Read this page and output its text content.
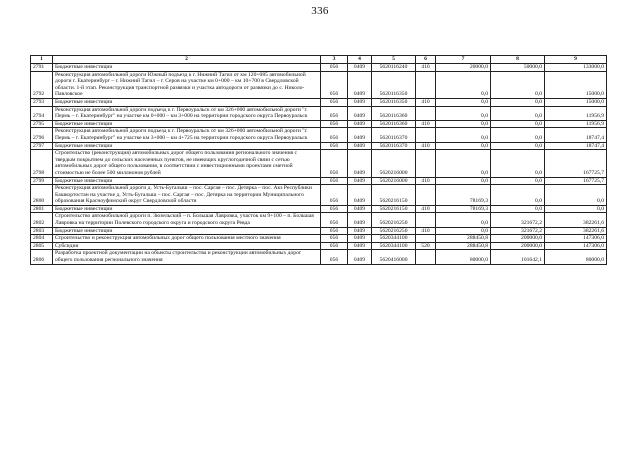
336
1	2	3	4	5	6	7	8	9
2791	Бюджетные инвестиции	056	0409	5620116240	410	20000,0	50000,0	133000,0
2792	Реконструкция автомобильной дороги Южный подъезд к г. Нижний Тагил от км 120+085 автомобильной дороги г. Екатеринбург – г. Нижний Тагил – г. Серов на участке км 0+000 – км 10+700 в Свердловской области. 1-й этап. Реконструкция транспортной развязки и участка автодороги от развязки до с. Николо-Павловское	056	0409	5620116350		0,0	0,0	15000,0
2793	Бюджетные инвестиции	056	0409	5620116350	410	0,0	0,0	15000,0
2794	Реконструкция автомобильной дороги подъезд к г. Первоуральск от км 326+000 автомобильной дороги "г. Пермь – г. Екатеринбург" на участке км 0+000 – км 3+000 на территории городского округа Первоуральск	056	0409	5620116360		0,0	0,0	11956,9
2795	Бюджетные инвестиции	056	0409	5620116360	410	0,0	0,0	11956,9
2796	Реконструкция автомобильной дороги подъезд к г. Первоуральск от км 326+000 автомобильной дороги "г. Пермь – г. Екатеринбург" на участке км 3+000 – км 4+725 на территории городского округа Первоуральск	056	0409	5620116370		0,0	0,0	18747,4
2797	Бюджетные инвестиции	056	0409	5620116370	410	0,0	0,0	18747,4
2798	Строительство (реконструкция) автомобильных дорог общего пользования регионального значения с твердым покрытием до сельских населенных пунктов, не имеющих круглогодичной связи с сетью автомобильных дорог общего пользования, в соответствии с инвестиционными проектами сметной стоимостью не более 500 миллионов рублей	056	0409	5620216000		0,0	0,0	167725,7
2799	Бюджетные инвестиции	056	0409	5620216000	410	0,0	0,0	167725,7
2800	Реконструкция автомобильной дороги д. Усть-Бугалыш – пос. Саргая – пос. Детяркa – пос. Акз Республики Башкортостан на участке д. Усть-Бугалыш – пос. Саргая – пос. Детяркa на территории Муниципального образования Красноуфимский округ Свердловской области	056	0409	5620216150		78169,3	0,0	0,0
2801	Бюджетные инвестиции	056	0409	5620216150	410	78169,3	0,0	0,0
2802	Строительство автомобильной дороги п. Зюзельский – п. Большая Лавровка, участок км 9+100 – п. Большая Лавровка на территории Полевского городского округа и городского округа Ревда	056	0409	5620216250		0,0	321672,2	382261,6
2803	Бюджетные инвестиции	056	0409	5620216250	410	0,0	321672,2	382261,6
2804	Строительство и реконструкция автомобильных дорог общего пользования местного значения	056	0409	5620344100		288450,8	200000,0	147306,0
2805	Субсидии	056	0409	5620344100	520	288450,8	200000,0	147306,0
2806	Разработка проектной документации на объекты строительства и реконструкции автомобильных дорог общего пользования регионального значения	056	0409	5620416000		80000,0	101642,1	80000,0
